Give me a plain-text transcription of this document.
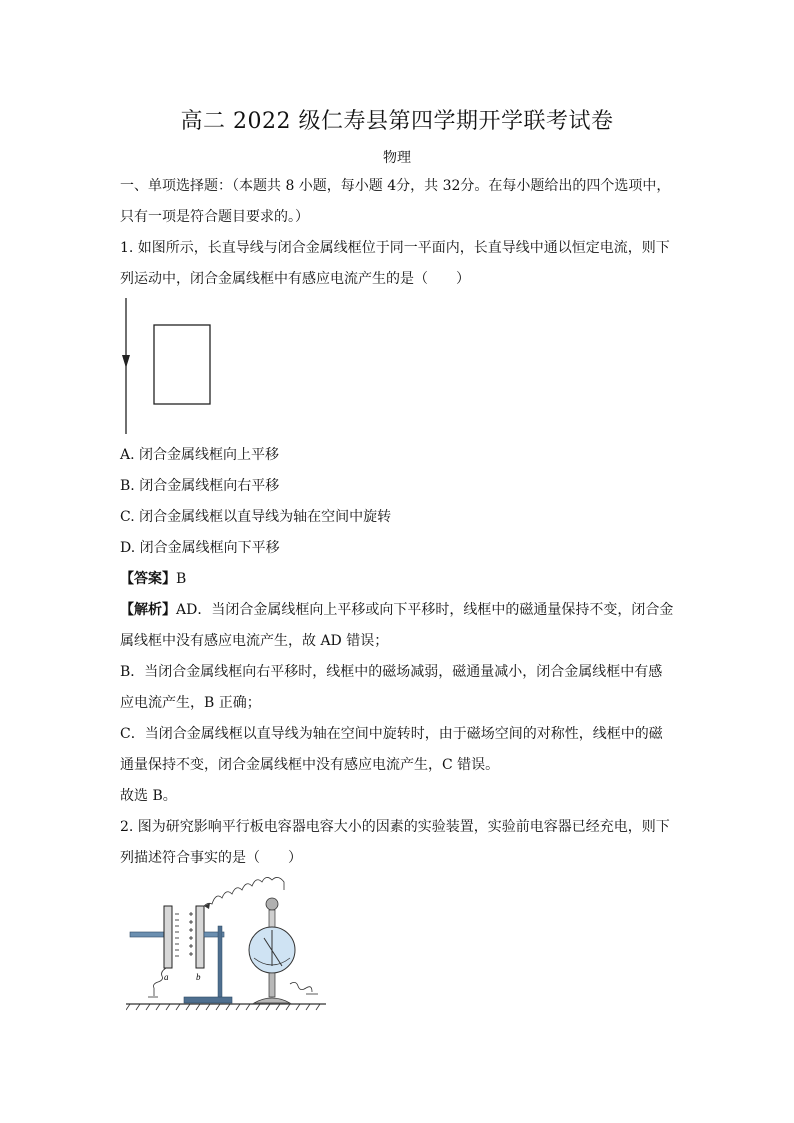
高二 2022 级仁寿县第四学期开学联考试卷
物理
一、单项选择题：（本题共 8 小题，每小题 4分，共 32分。在每小题给出的四个选项中，
只有一项是符合题目要求的。）
1. 如图所示，长直导线与闭合金属线框位于同一平面内，长直导线中通以恒定电流，则下
列运动中，闭合金属线框中有感应电流产生的是（　　）
A. 闭合金属线框向上平移
B. 闭合金属线框向右平移
C. 闭合金属线框以直导线为轴在空间中旋转
D. 闭合金属线框向下平移
【答案】B
【解析】AD．当闭合金属线框向上平移或向下平移时，线框中的磁通量保持不变，闭合金
属线框中没有感应电流产生，故 AD 错误；
B．当闭合金属线框向右平移时，线框中的磁场减弱，磁通量减小，闭合金属线框中有感
应电流产生，B 正确；
C．当闭合金属线框以直导线为轴在空间中旋转时，由于磁场空间的对称性，线框中的磁
通量保持不变，闭合金属线框中没有感应电流产生，C 错误。
故选 B。
2. 图为研究影响平行板电容器电容大小的因素的实验装置，实验前电容器已经充电，则下
列描述符合事实的是（　　）
a	b
